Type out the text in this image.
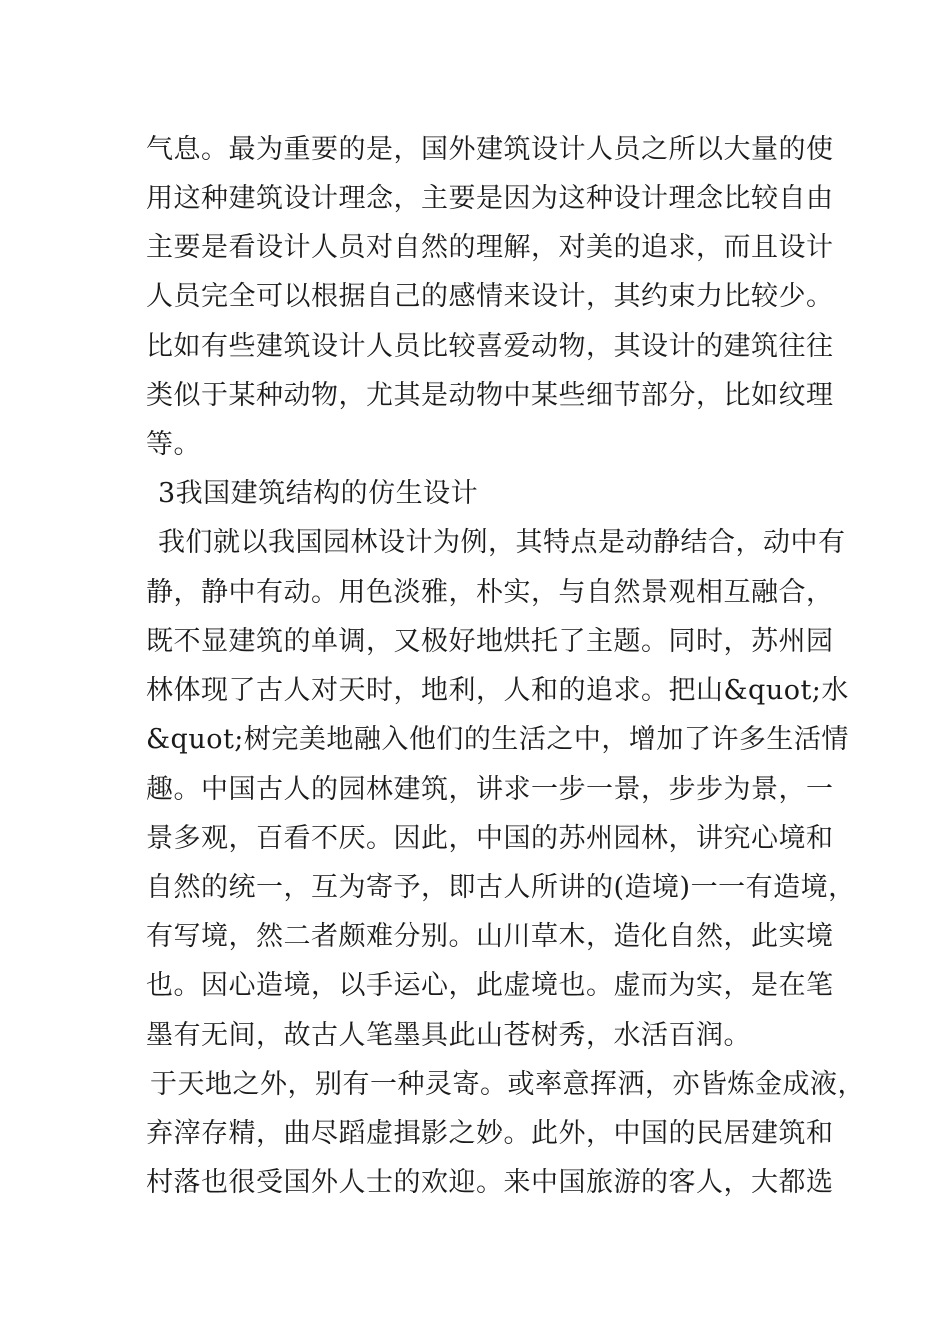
气息。最为重要的是，国外建筑设计人员之所以大量的使
用这种建筑设计理念，主要是因为这种设计理念比较自由
主要是看设计人员对自然的理解，对美的追求，而且设计
人员完全可以根据自己的感情来设计，其约束力比较少。
比如有些建筑设计人员比较喜爱动物，其设计的建筑往往
类似于某种动物，尤其是动物中某些细节部分，比如纹理
等。
3我国建筑结构的仿生设计
我们就以我国园林设计为例，其特点是动静结合，动中有
静，静中有动。用色淡雅，朴实，与自然景观相互融合，
既不显建筑的单调，又极好地烘托了主题。同时，苏州园
林体现了古人对天时，地利，人和的追求。把山&quot;水
&quot;树完美地融入他们的生活之中，增加了许多生活情
趣。中国古人的园林建筑，讲求一步一景，步步为景，一
景多观，百看不厌。因此，中国的苏州园林，讲究心境和
自然的统一，互为寄予，即古人所讲的(造境)一一有造境，
有写境，然二者颇难分别。山川草木，造化自然，此实境
也。因心造境，以手运心，此虚境也。虚而为实，是在笔
墨有无间，故古人笔墨具此山苍树秀，水活百润。
于天地之外，别有一种灵寄。或率意挥洒，亦皆炼金成液，
弃滓存精，曲尽蹈虚揖影之妙。此外，中国的民居建筑和
村落也很受国外人士的欢迎。来中国旅游的客人，大都选
